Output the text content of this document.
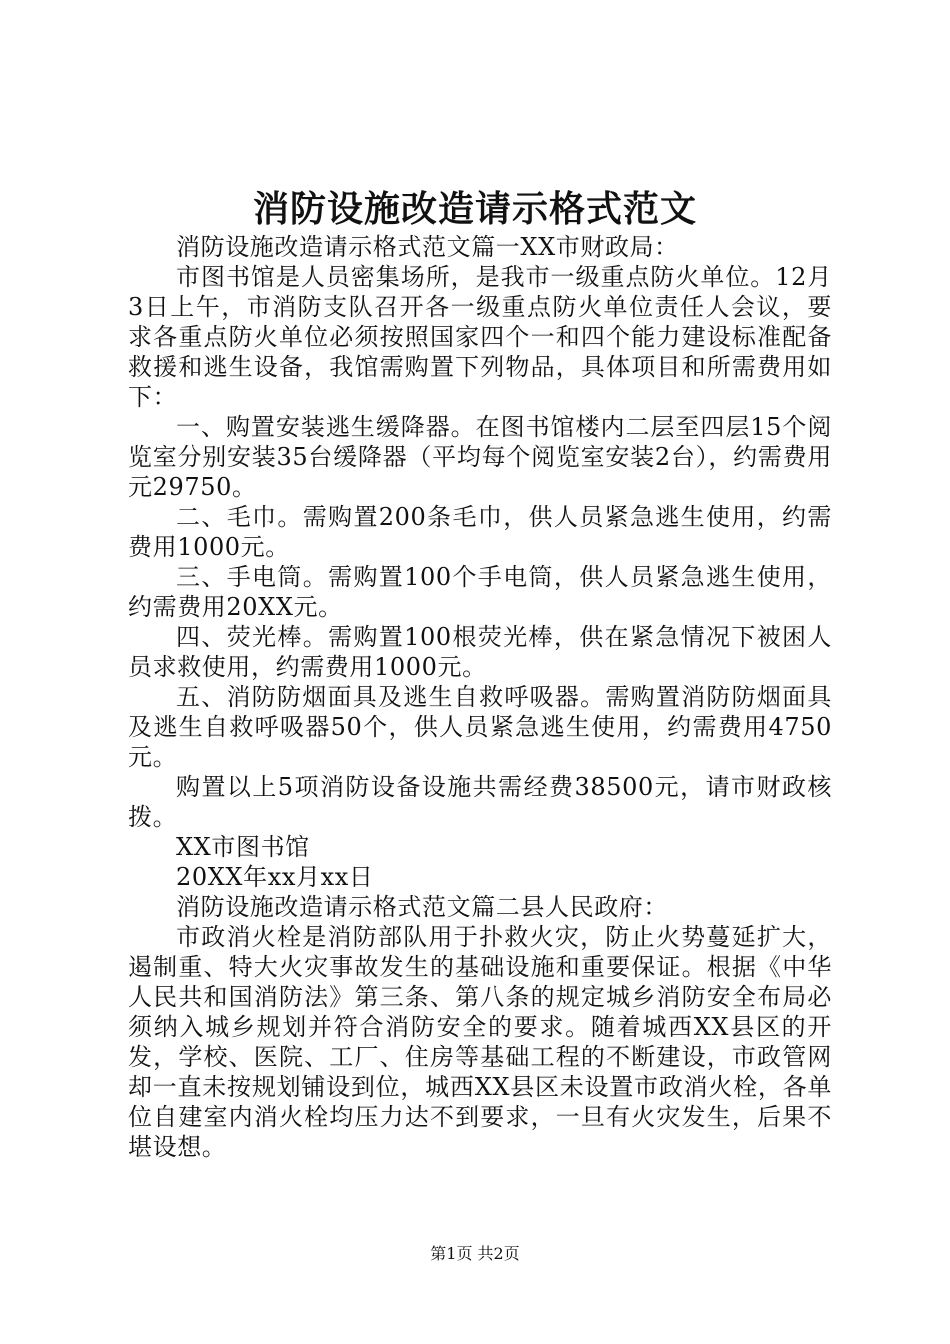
消防设施改造请示格式范文

消防设施改造请示格式范文篇一XX市财政局：

市图书馆是人员密集场所，是我市一级重点防火单位。12月3日上午，市消防支队召开各一级重点防火单位责任人会议，要求各重点防火单位必须按照国家四个一和四个能力建设标准配备救援和逃生设备，我馆需购置下列物品，具体项目和所需费用如下：

一、购置安装逃生缓降器。在图书馆楼内二层至四层15个阅览室分别安装35台缓降器（平均每个阅览室安装2台），约需费用元29750。

二、毛巾。需购置200条毛巾，供人员紧急逃生使用，约需费用1000元。

三、手电筒。需购置100个手电筒，供人员紧急逃生使用，约需费用20XX元。

四、荧光棒。需购置100根荧光棒，供在紧急情况下被困人员求救使用，约需费用1000元。

五、消防防烟面具及逃生自救呼吸器。需购置消防防烟面具及逃生自救呼吸器50个，供人员紧急逃生使用，约需费用4750元。

购置以上5项消防设备设施共需经费38500元，请市财政核拨。

XX市图书馆

20XX年xx月xx日

消防设施改造请示格式范文篇二县人民政府：

市政消火栓是消防部队用于扑救火灾，防止火势蔓延扩大，遏制重、特大火灾事故发生的基础设施和重要保证。根据《中华人民共和国消防法》第三条、第八条的规定城乡消防安全布局必须纳入城乡规划并符合消防安全的要求。随着城西XX县区的开发，学校、医院、工厂、住房等基础工程的不断建设，市政管网却一直未按规划铺设到位，城西XX县区未设置市政消火栓，各单位自建室内消火栓均压力达不到要求，一旦有火灾发生，后果不堪设想。

第1页 共2页
